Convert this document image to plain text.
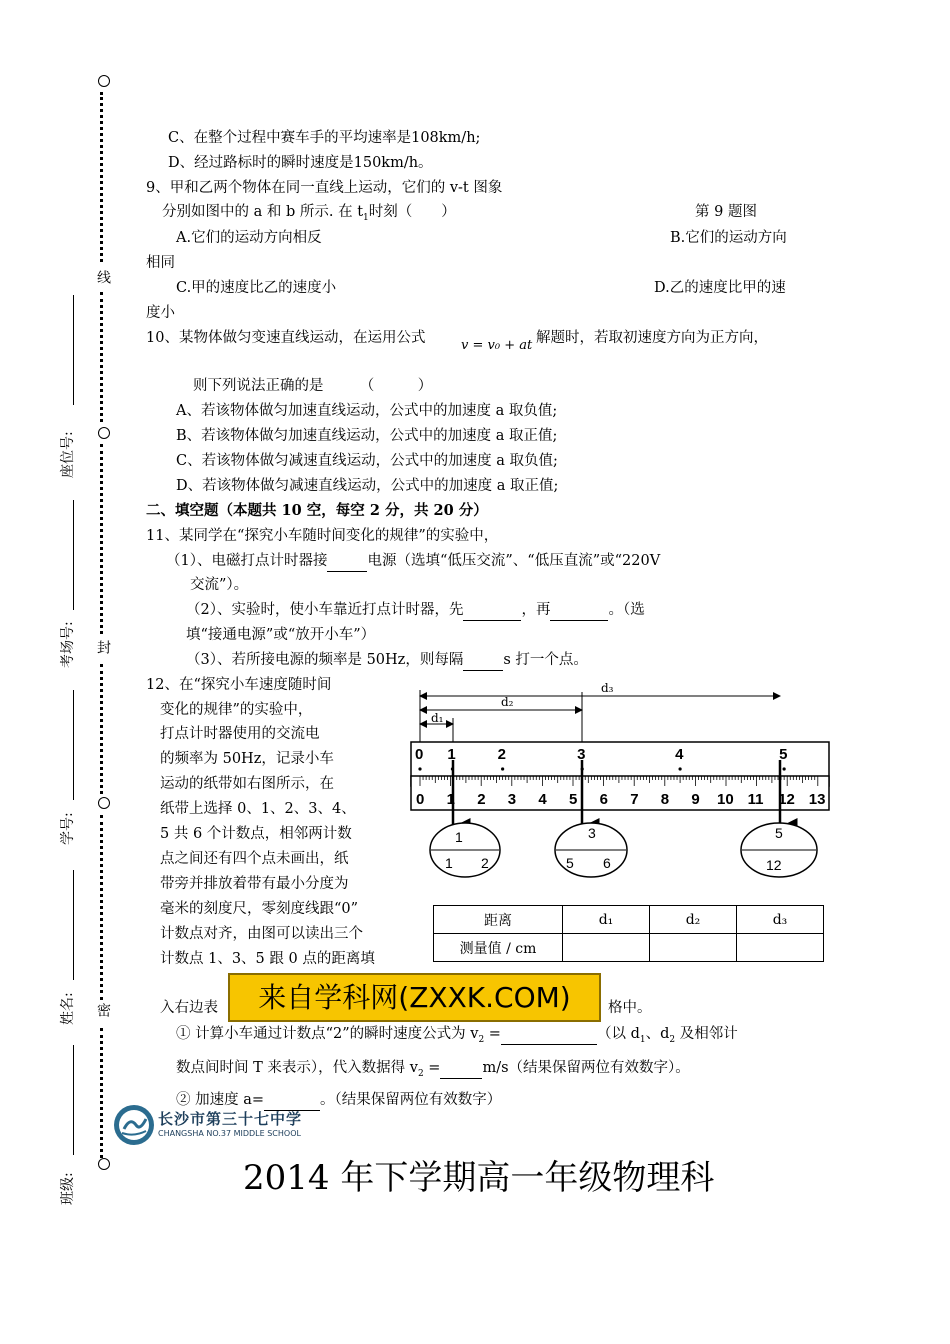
线
封
密
座位号:
考场号:
学号:
姓名:
班级:
C、在整个过程中赛车手的平均速率是108km/h;
D、经过路标时的瞬时速度是150km/h。
9、甲和乙两个物体在同一直线上运动，它们的 v-t 图象
分别如图中的 a 和 b 所示. 在 $t_1$时刻（　　）	第 9 题图
A.它们的运动方向相反	B.它们的运动方向
相同
C.甲的速度比乙的速度小	D.乙的速度比甲的速
度小
10、某物体做匀变速直线运动，在运用公式	v = v₀ + at 解题时，若取初速度方向为正方向，
则下列说法正确的是　　　（　　　）
A、若该物体做匀加速直线运动，公式中的加速度 a 取负值;
B、若该物体做匀加速直线运动，公式中的加速度 a 取正值;
C、若该物体做匀减速直线运动，公式中的加速度 a 取负值;
D、若该物体做匀减速直线运动，公式中的加速度 a 取正值;
二、填空题（本题共 10 空，每空 2 分，共 20 分）
11、某同学在“探究小车随时间变化的规律”的实验中，
（1）、电磁打点计时器接	电源（选填“低压交流”、“低压直流”或“220V
交流”）。
（2）、实验时，使小车靠近打点计时器，先	，再	。（选
填“接通电源”或“放开小车”）
（3）、若所接电源的频率是 50Hz，则每隔	s 打一个点。
12、在“探究小车速度随时间
变化的规律”的实验中，
打点计时器使用的交流电
的频率为 50Hz，记录小车
运动的纸带如右图所示，在
纸带上选择 0、1、2、3、4、
5 共 6 个计数点，相邻两计数
点之间还有四个点未画出，纸
带旁并排放着带有最小分度为
毫米的刻度尺，零刻度线跟“0”
计数点对齐，由图可以读出三个
计数点 1、3、5 跟 0 点的距离填
d₃
d₂
d₁
0 1	2	3	4	5
0 1 2 3 4 5 6 7 8 9 10 11 12 13
1
1 2
3
5 6
5
12
距离	d₁	d₂	d₃
测量值 / cm			
入右边表	格中。
来自学科网(ZXXK.COM)
① 计算小车通过计数点“2”的瞬时速度公式为 $v_2$ =	（以 $d_1$、$d_2$ 及相邻计
数点间时间 T 来表示），代入数据得 $v_2$ =	m/s（结果保留两位有效数字）。
② 加速度 a=	。（结果保留两位有效数字）
长沙市第三十七中学
CHANGSHA NO.37 MIDDLE SCHOOL
2014 年下学期高一年级物理科
